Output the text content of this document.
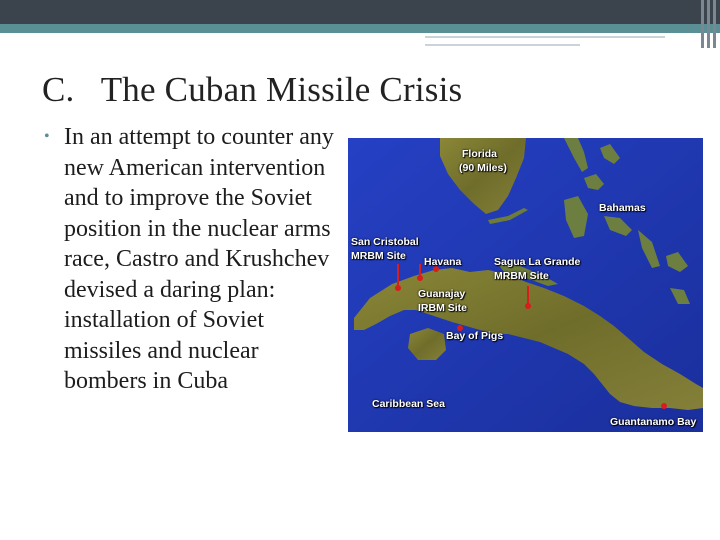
C.   The Cuban Missile Crisis
• In an attempt to counter any new American intervention and to improve the Soviet position in the nuclear arms race, Castro and Krushchev devised a daring plan: installation of Soviet missiles and nuclear bombers in Cuba
Florida
(90 Miles)
Bahamas
San Cristobal
MRBM Site Havana	Sagua La Grande
MRBM Site
Guanajay
IRBM Site
Bay of Pigs
Caribbean Sea
Guantanamo Bay
